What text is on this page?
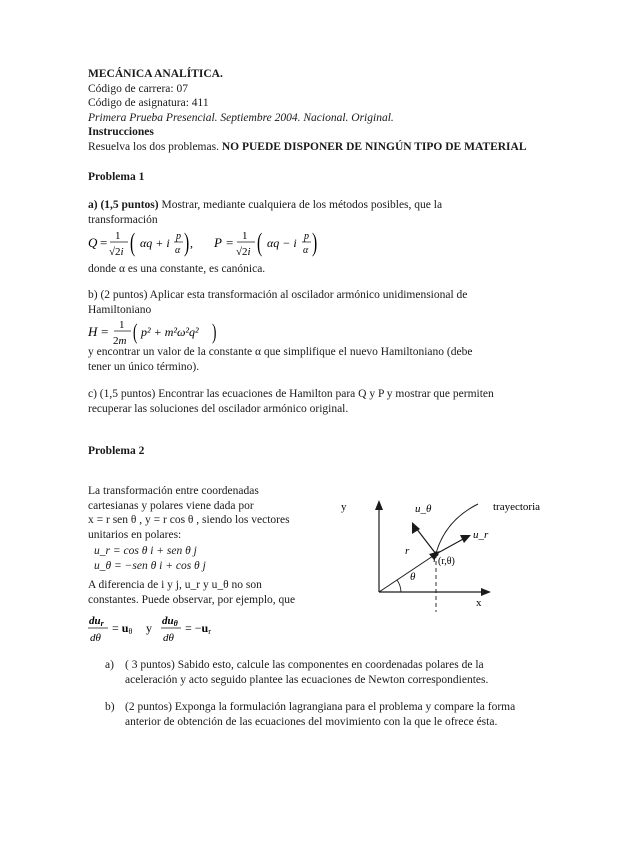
MECÁNICA ANALÍTICA.
Código de carrera: 07
Código de asignatura: 411
Primera Prueba Presencial. Septiembre 2004. Nacional. Original.
Instrucciones
Resuelva los dos problemas. NO PUEDE DISPONER DE NINGÚN TIPO DE MATERIAL
Problema 1
a) (1,5 puntos) Mostrar, mediante cualquiera de los métodos posibles, que la
transformación
Q = 1
√2i ( αq + i p
α ) , P = 1
√2i ( αq − i p
α )
donde α es una constante, es canónica.
b) (2 puntos) Aplicar esta transformación al oscilador armónico unidimensional de
Hamiltoniano
H = 1
2m ( p² + m²ω²q² )
y encontrar un valor de la constante α que simplifique el nuevo Hamiltoniano (debe
tener un único término).
c) (1,5 puntos) Encontrar las ecuaciones de Hamilton para Q y P y mostrar que permiten
recuperar las soluciones del oscilador armónico original.
Problema 2
La transformación entre coordenadas
cartesianas y polares viene dada por
x = r sen θ , y = r cos θ , siendo los vectores
unitarios en polares:
u_r = cos θ i + sen θ j
u_θ = −sen θ i + cos θ j
A diferencia de i y j, u_r y u_θ no son
constantes. Puede observar, por ejemplo, que
dur
dθ
= uθ y duθ
dθ
= −ur
y
x
trayectoria
u_θ
u_r
r
(r,θ)
θ
a) ( 3 puntos) Sabido esto, calcule las componentes en coordenadas polares de la aceleración y acto seguido plantee las ecuaciones de Newton correspondientes.
b) (2 puntos) Exponga la formulación lagrangiana para el problema y compare la forma anterior de obtención de las ecuaciones del movimiento con la que le ofrece ésta.
